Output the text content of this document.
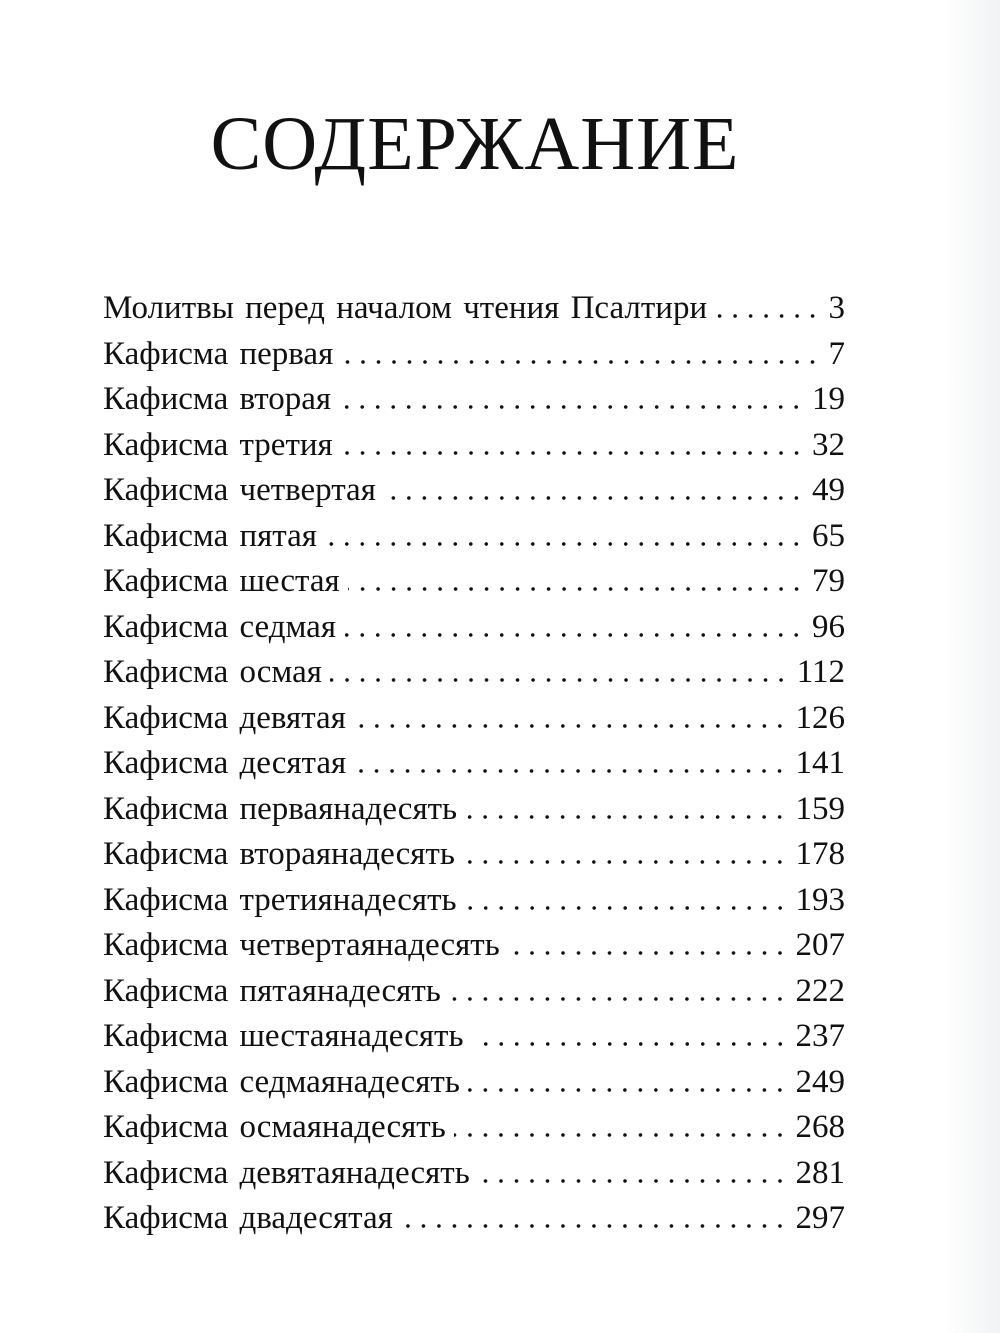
СОДЕРЖАНИЕ
Молитвы перед началом чтения Псалтири	3
Кафисма первая	7
Кафисма вторая	19
Кафисма третия	32
Кафисма четвертая	49
Кафисма пятая	65
Кафисма шестая	79
Кафисма седмая	96
Кафисма осмая	112
Кафисма девятая	126
Кафисма десятая	141
Кафисма перваянадесять	159
Кафисма втораянадесять	178
Кафисма третиянадесять	193
Кафисма четвертаянадесять	207
Кафисма пятаянадесять	222
Кафисма шестаянадесять	237
Кафисма седмаянадесять	249
Кафисма осмаянадесять	268
Кафисма девятаянадесять	281
Кафисма двадесятая	297
